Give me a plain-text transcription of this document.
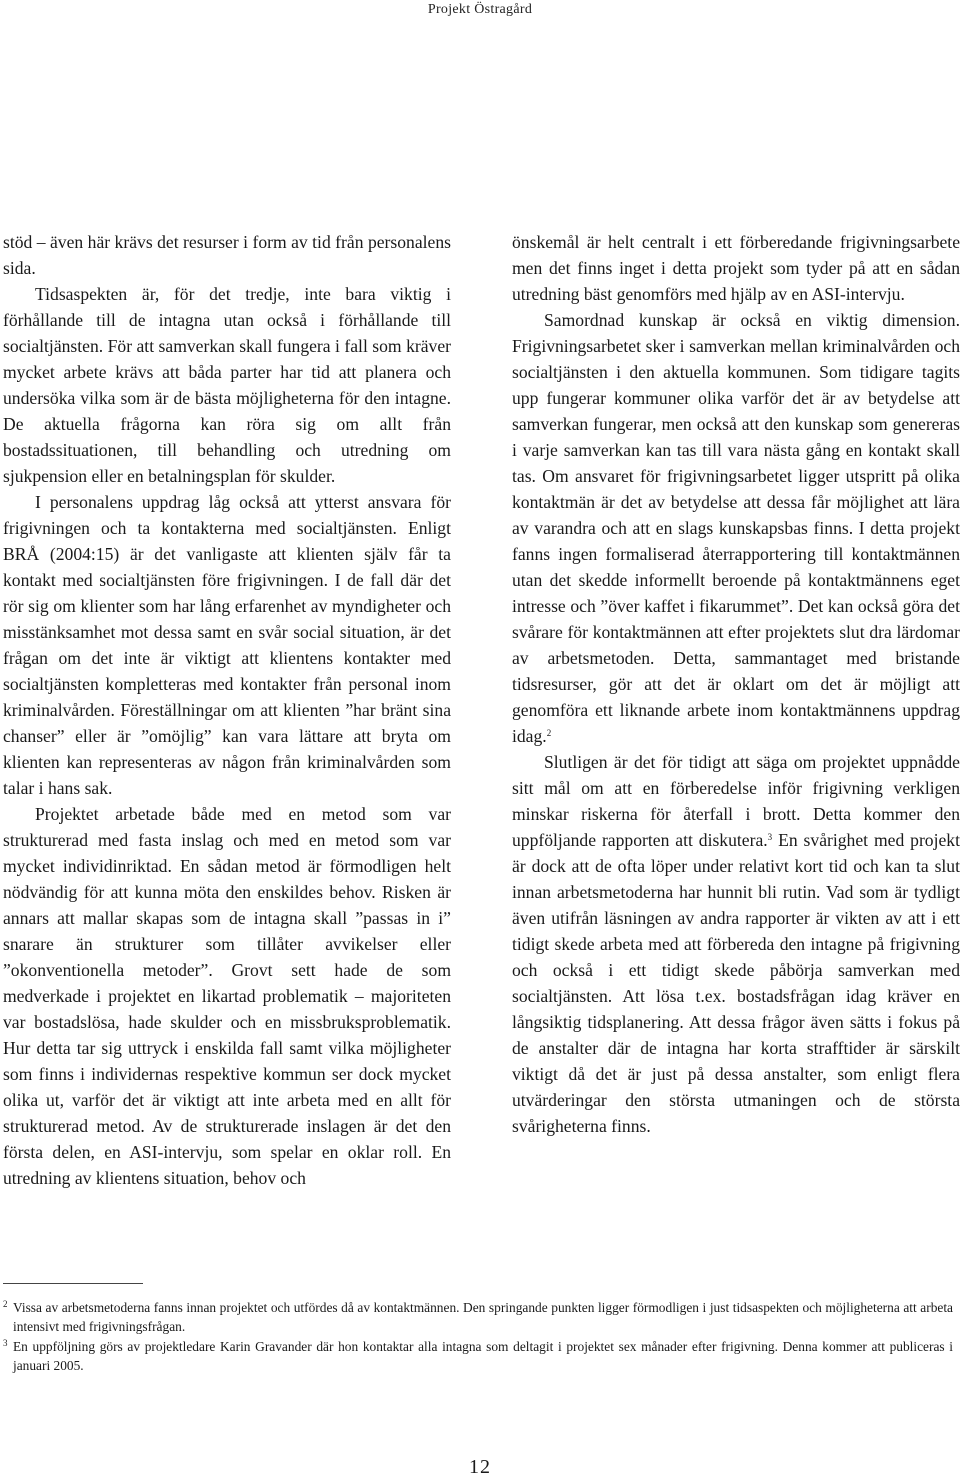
Projekt Östragård

stöd – även här krävs det resurser i form av tid från personalens sida.

Tidsaspekten är, för det tredje, inte bara viktig i förhållande till de intagna utan också i förhållande till socialtjänsten. För att samverkan skall fungera i fall som kräver mycket arbete krävs att båda parter har tid att planera och undersöka vilka som är de bästa möjligheterna för den intagne. De aktuella frågorna kan röra sig om allt från bostadssituationen, till behandling och utredning om sjukpension eller en betalningsplan för skulder.

I personalens uppdrag låg också att ytterst ansvara för frigivningen och ta kontakterna med socialtjänsten. Enligt BRÅ (2004:15) är det vanligaste att klienten själv får ta kontakt med socialtjänsten före frigivningen. I de fall där det rör sig om klienter som har lång erfarenhet av myndigheter och misstänksamhet mot dessa samt en svår social situation, är det frågan om det inte är viktigt att klientens kontakter med socialtjänsten kompletteras med kontakter från personal inom kriminalvården. Föreställningar om att klienten ”har bränt sina chanser” eller är ”omöjlig” kan vara lättare att bryta om klienten kan representeras av någon från kriminalvården som talar i hans sak.

Projektet arbetade både med en metod som var strukturerad med fasta inslag och med en metod som var mycket individinriktad. En sådan metod är förmodligen helt nödvändig för att kunna möta den enskildes behov. Risken är annars att mallar skapas som de intagna skall ”passas in i” snarare än strukturer som tillåter avvikelser eller ”okonventionella metoder”. Grovt sett hade de som medverkade i projektet en likartad problematik – majoriteten var bostadslösa, hade skulder och en missbruksproblematik. Hur detta tar sig uttryck i enskilda fall samt vilka möjligheter som finns i individernas respektive kommun ser dock mycket olika ut, varför det är viktigt att inte arbeta med en allt för strukturerad metod. Av de strukturerade inslagen är det den första delen, en ASI-intervju, som spelar en oklar roll. En utredning av klientens situation, behov och

önskemål är helt centralt i ett förberedande frigivningsarbete men det finns inget i detta projekt som tyder på att en sådan utredning bäst genomförs med hjälp av en ASI-intervju.

Samordnad kunskap är också en viktig dimension. Frigivningsarbetet sker i samverkan mellan kriminalvården och socialtjänsten i den aktuella kommunen. Som tidigare tagits upp fungerar kommuner olika varför det är av betydelse att samverkan fungerar, men också att den kunskap som genereras i varje samverkan kan tas till vara nästa gång en kontakt skall tas. Om ansvaret för frigivningsarbetet ligger utspritt på olika kontaktmän är det av betydelse att dessa får möjlighet att lära av varandra och att en slags kunskapsbas finns. I detta projekt fanns ingen formaliserad återrapportering till kontaktmännen utan det skedde informellt beroende på kontaktmännens eget intresse och ”över kaffet i fikarummet”. Det kan också göra det svårare för kontaktmännen att efter projektets slut dra lärdomar av arbetsmetoden. Detta, sammantaget med bristande tidsresurser, gör att det är oklart om det är möjligt att genomföra ett liknande arbete inom kontaktmännens uppdrag idag.$^2$

Slutligen är det för tidigt att säga om projektet uppnådde sitt mål om att en förberedelse inför frigivning verkligen minskar riskerna för återfall i brott. Detta kommer den uppföljande rapporten att diskutera.$^3$ En svårighet med projekt är dock att de ofta löper under relativt kort tid och kan ta slut innan arbetsmetoderna har hunnit bli rutin. Vad som är tydligt även utifrån läsningen av andra rapporter är vikten av att i ett tidigt skede arbeta med att förbereda den intagne på frigivning och också i ett tidigt skede påbörja samverkan med socialtjänsten. Att lösa t.ex. bostadsfrågan idag kräver en långsiktig tidsplanering. Att dessa frågor även sätts i fokus på de anstalter där de intagna har korta strafftider är särskilt viktigt då det är just på dessa anstalter, som enligt flera utvärderingar den största utmaningen och de största svårigheterna finns.

2 Vissa av arbetsmetoderna fanns innan projektet och utfördes då av kontaktmännen. Den springande punkten ligger förmodligen i just tidsaspekten och möjligheterna att arbeta intensivt med frigivningsfrågan.
3 En uppföljning görs av projektledare Karin Gravander där hon kontaktar alla intagna som deltagit i projektet sex månader efter frigivning. Denna kommer att publiceras i januari 2005.
12
